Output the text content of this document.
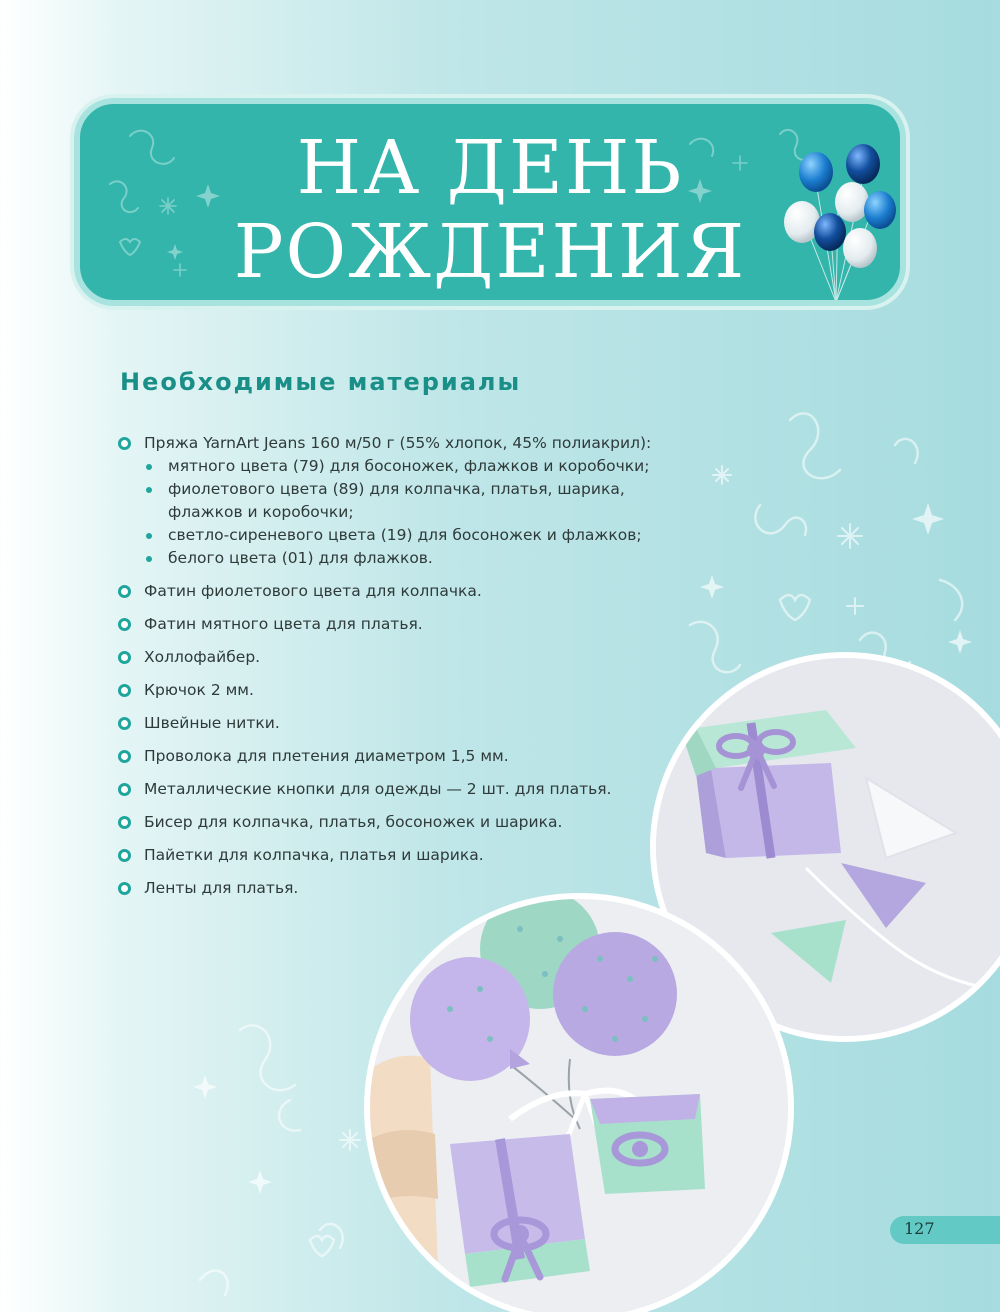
НА ДЕНЬ
РОЖДЕНИЯ
Необходимые материалы
Пряжа YarnArt Jeans 160 м/50 г (55% хлопок, 45% полиакрил):
мятного цвета (79) для босоножек, флажков и коробочки;
фиолетового цвета (89) для колпачка, платья, шарика, флажков и коробочки;
светло-сиреневого цвета (19) для босоножек и флажков;
белого цвета (01) для флажков.
Фатин фиолетового цвета для колпачка.
Фатин мятного цвета для платья.
Холлофайбер.
Крючок 2 мм.
Швейные нитки.
Проволока для плетения диаметром 1,5 мм.
Металлические кнопки для одежды — 2 шт. для платья.
Бисер для колпачка, платья, босоножек и шарика.
Пайетки для колпачка, платья и шарика.
Ленты для платья.
127
